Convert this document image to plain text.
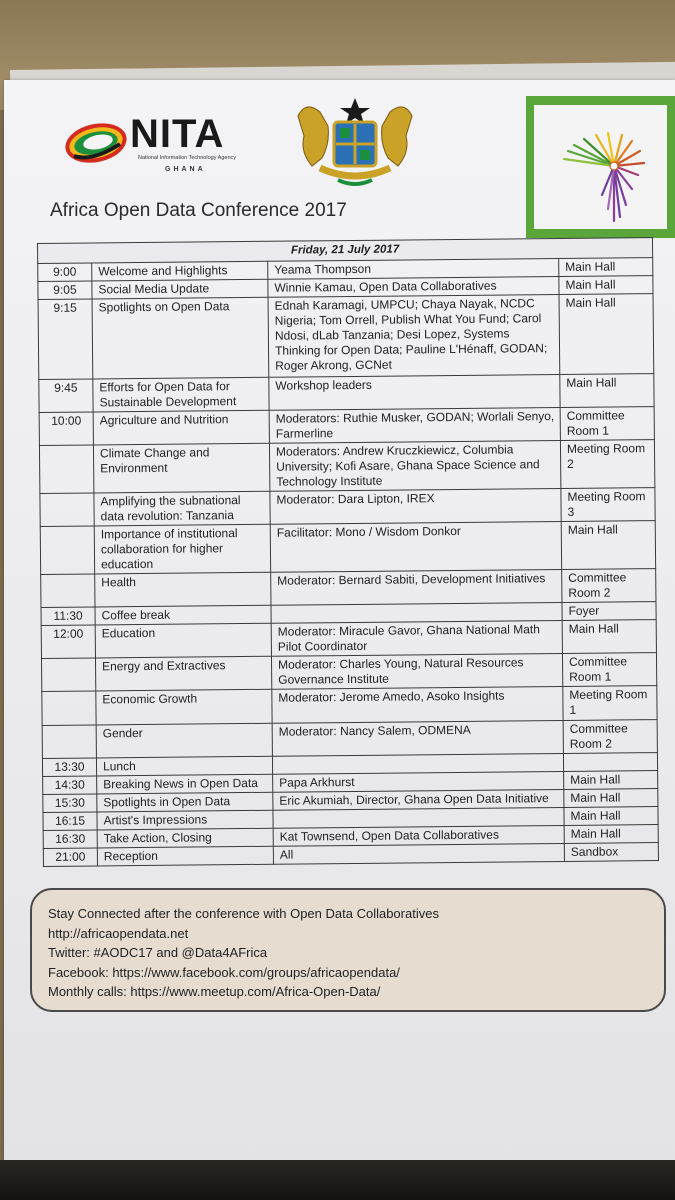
NITA
National Information Technology Agency
GHANA
Africa Open Data Conference 2017
Friday, 21 July 2017			
9:00	Welcome and Highlights	Yeama Thompson	Main Hall
9:05	Social Media Update	Winnie Kamau, Open Data Collaboratives	Main Hall
9:15	Spotlights on Open Data	Ednah Karamagi, UMPCU; Chaya Nayak, NCDC Nigeria; Tom Orrell, Publish What You Fund; Carol Ndosi, dLab Tanzania; Desi Lopez, Systems Thinking for Open Data; Pauline L'Hénaff, GODAN; Roger Akrong, GCNet	Main Hall
9:45	Efforts for Open Data for Sustainable Development	Workshop leaders	Main Hall
10:00	Agriculture and Nutrition	Moderators: Ruthie Musker, GODAN; Worlali Senyo, Farmerline	Committee Room 1
	Climate Change and Environment	Moderators: Andrew Kruczkiewicz, Columbia University; Kofi Asare, Ghana Space Science and Technology Institute	Meeting Room 2
	Amplifying the subnational data revolution: Tanzania	Moderator: Dara Lipton, IREX	Meeting Room 3
	Importance of institutional collaboration for higher education	Facilitator: Mono / Wisdom Donkor	Main Hall
	Health	Moderator: Bernard Sabiti, Development Initiatives	Committee Room 2
11:30	Coffee break		Foyer
12:00	Education	Moderator: Miracule Gavor, Ghana National Math Pilot Coordinator	Main Hall
	Energy and Extractives	Moderator: Charles Young, Natural Resources Governance Institute	Committee Room 1
	Economic Growth	Moderator: Jerome Amedo, Asoko Insights	Meeting Room 1
	Gender	Moderator: Nancy Salem, ODMENA	Committee Room 2
13:30	Lunch		
14:30	Breaking News in Open Data	Papa Arkhurst	Main Hall
15:30	Spotlights in Open Data	Eric Akumiah, Director, Ghana Open Data Initiative	Main Hall
16:15	Artist's Impressions		Main Hall
16:30	Take Action, Closing	Kat Townsend, Open Data Collaboratives	Main Hall
21:00	Reception	All	Sandbox
Stay Connected after the conference with Open Data Collaboratives
http://africaopendata.net
Twitter: #AODC17 and @Data4AFrica
Facebook: https://www.facebook.com/groups/africaopendata/
Monthly calls: https://www.meetup.com/Africa-Open-Data/
